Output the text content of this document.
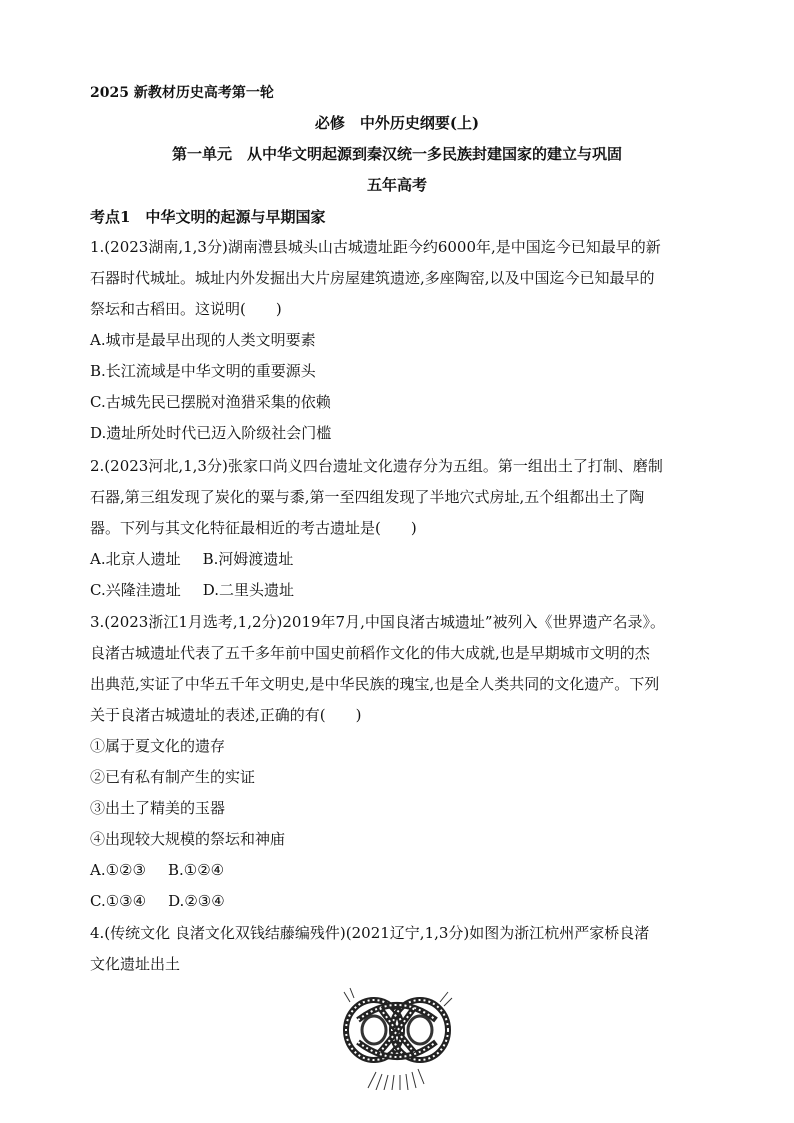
2025 新教材历史高考第一轮
必修　中外历史纲要(上)
第一单元　从中华文明起源到秦汉统一多民族封建国家的建立与巩固
五年高考
考点1　中华文明的起源与早期国家
1.(2023湖南,1,3分)湖南澧县城头山古城遗址距今约6000年,是中国迄今已知最早的新
石器时代城址。城址内外发掘出大片房屋建筑遗迹,多座陶窑,以及中国迄今已知最早的
祭坛和古稻田。这说明(　　)
A.城市是最早出现的人类文明要素
B.长江流域是中华文明的重要源头
C.古城先民已摆脱对渔猎采集的依赖
D.遗址所处时代已迈入阶级社会门槛
2.(2023河北,1,3分)张家口尚义四台遗址文化遗存分为五组。第一组出土了打制、磨制
石器,第三组发现了炭化的粟与黍,第一至四组发现了半地穴式房址,五个组都出土了陶
器。下列与其文化特征最相近的考古遗址是(　　)
A.北京人遗址 B.河姆渡遗址
C.兴隆洼遗址 D.二里头遗址
3.(2023浙江1月选考,1,2分)2019年7月,中国良渚古城遗址”被列入《世界遗产名录》。
良渚古城遗址代表了五千多年前中国史前稻作文化的伟大成就,也是早期城市文明的杰
出典范,实证了中华五千年文明史,是中华民族的瑰宝,也是全人类共同的文化遗产。下列
关于良渚古城遗址的表述,正确的有(　　)
①属于夏文化的遗存
②已有私有制产生的实证
③出土了精美的玉器
④出现较大规模的祭坛和神庙
A.①②③ B.①②④
C.①③④ D.②③④
4.(传统文化 良渚文化双钱结藤编残件)(2021辽宁,1,3分)如图为浙江杭州严家桥良渚
文化遗址出土
